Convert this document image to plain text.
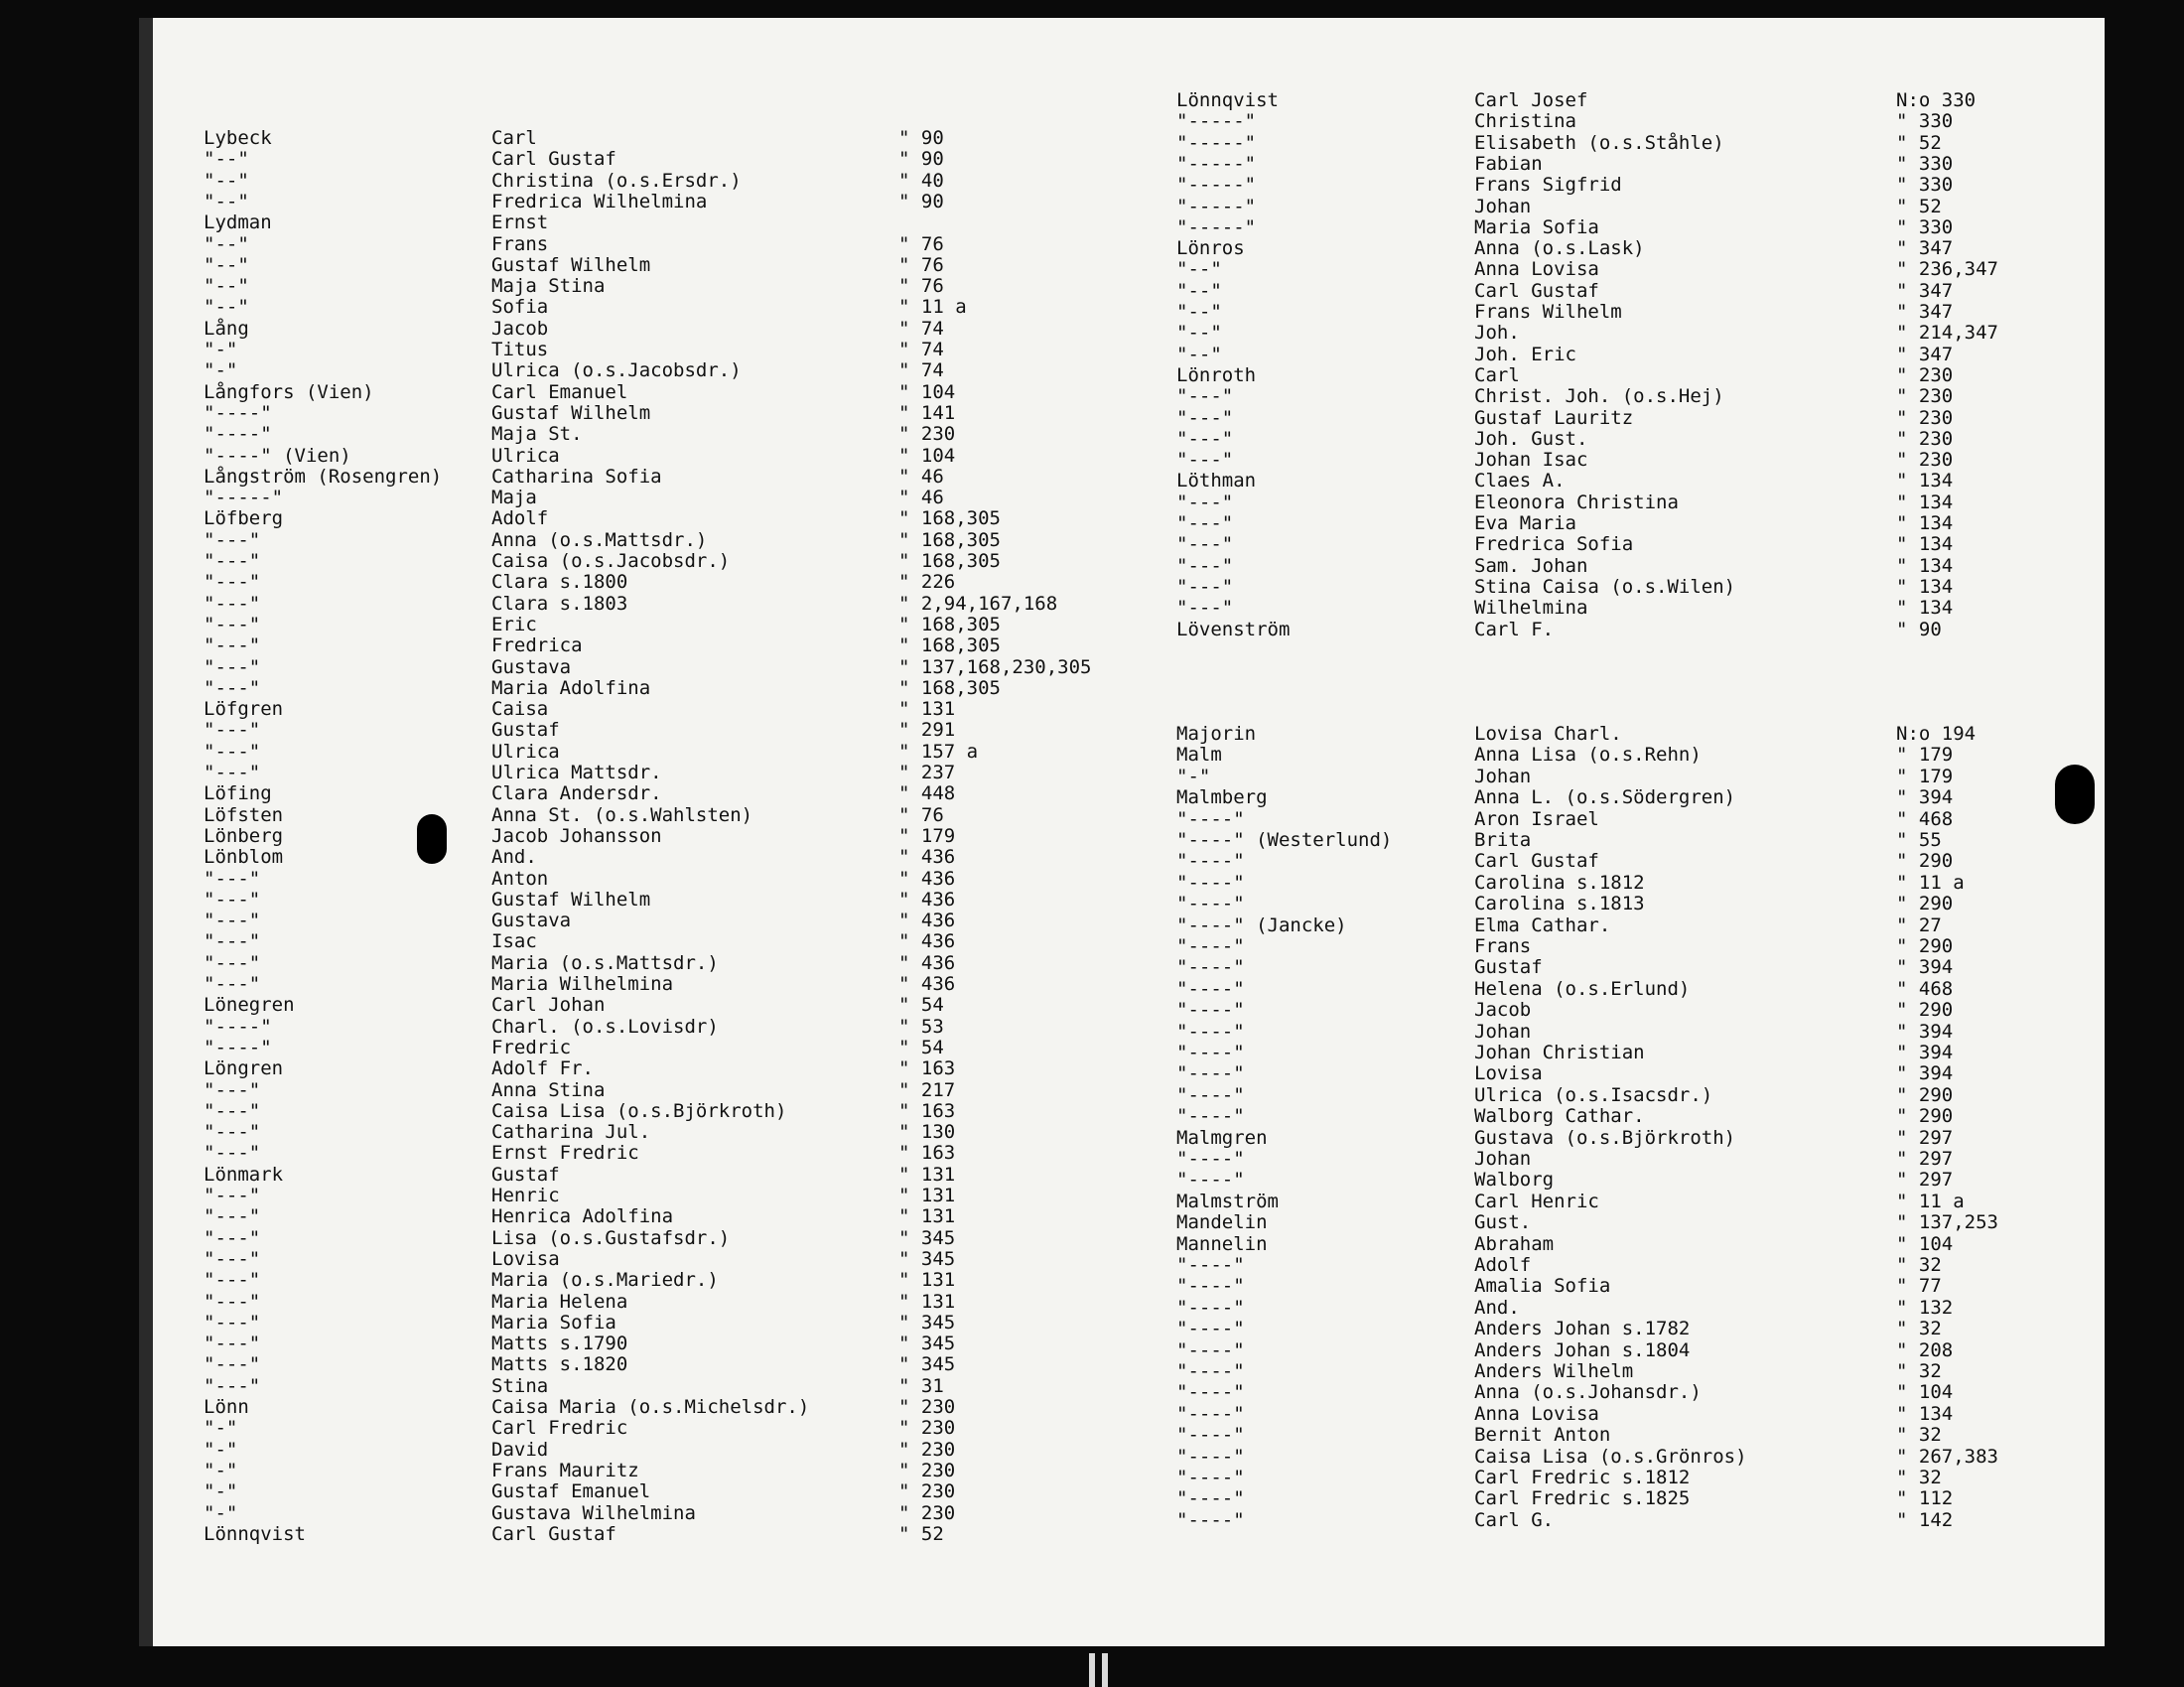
Lybeck	Carl	" 90
"--"	Carl Gustaf	" 90
"--"	Christina (o.s.Ersdr.)	" 40
"--"	Fredrica Wilhelmina	" 90
Lydman	Ernst
"--"	Frans	" 76
"--"	Gustaf Wilhelm	" 76
"--"	Maja Stina	" 76
"--"	Sofia	" 11 a
Lång	Jacob	" 74
"-"	Titus	" 74
"-"	Ulrica (o.s.Jacobsdr.)	" 74
Långfors (Vien)	Carl Emanuel	" 104
"----"	Gustaf Wilhelm	" 141
"----"	Maja St.	" 230
"----" (Vien)	Ulrica	" 104
Långström (Rosengren)	Catharina Sofia	" 46
"-----"	Maja	" 46
Löfberg	Adolf	" 168,305
"---"	Anna (o.s.Mattsdr.)	" 168,305
"---"	Caisa (o.s.Jacobsdr.)	" 168,305
"---"	Clara s.1800	" 226
"---"	Clara s.1803	" 2,94,167,168
"---"	Eric	" 168,305
"---"	Fredrica	" 168,305
"---"	Gustava	" 137,168,230,305
"---"	Maria Adolfina	" 168,305
Löfgren	Caisa	" 131
"---"	Gustaf	" 291
"---"	Ulrica	" 157 a
"---"	Ulrica Mattsdr.	" 237
Löfing	Clara Andersdr.	" 448
Löfsten	Anna St. (o.s.Wahlsten)	" 76
Lönberg	Jacob Johansson	" 179
Lönblom	And.	" 436
"---"	Anton	" 436
"---"	Gustaf Wilhelm	" 436
"---"	Gustava	" 436
"---"	Isac	" 436
"---"	Maria (o.s.Mattsdr.)	" 436
"---"	Maria Wilhelmina	" 436
Lönegren	Carl Johan	" 54
"----"	Charl. (o.s.Lovisdr)	" 53
"----"	Fredric	" 54
Löngren	Adolf Fr.	" 163
"---"	Anna Stina	" 217
"---"	Caisa Lisa (o.s.Björkroth)	" 163
"---"	Catharina Jul.	" 130
"---"	Ernst Fredric	" 163
Lönmark	Gustaf	" 131
"---"	Henric	" 131
"---"	Henrica Adolfina	" 131
"---"	Lisa (o.s.Gustafsdr.)	" 345
"---"	Lovisa	" 345
"---"	Maria (o.s.Mariedr.)	" 131
"---"	Maria Helena	" 131
"---"	Maria Sofia	" 345
"---"	Matts s.1790	" 345
"---"	Matts s.1820	" 345
"---"	Stina	" 31
Lönn	Caisa Maria (o.s.Michelsdr.)	" 230
"-"	Carl Fredric	" 230
"-"	David	" 230
"-"	Frans Mauritz	" 230
"-"	Gustaf Emanuel	" 230
"-"	Gustava Wilhelmina	" 230
Lönnqvist	Carl Gustaf	" 52
Lönnqvist	Carl Josef	N:o 330
"-----"	Christina	" 330
"-----"	Elisabeth (o.s.Ståhle)	" 52
"-----"	Fabian	" 330
"-----"	Frans Sigfrid	" 330
"-----"	Johan	" 52
"-----"	Maria Sofia	" 330
Lönros	Anna (o.s.Lask)	" 347
"--"	Anna Lovisa	" 236,347
"--"	Carl Gustaf	" 347
"--"	Frans Wilhelm	" 347
"--"	Joh.	" 214,347
"--"	Joh. Eric	" 347
Lönroth	Carl	" 230
"---"	Christ. Joh. (o.s.Hej)	" 230
"---"	Gustaf Lauritz	" 230
"---"	Joh. Gust.	" 230
"---"	Johan Isac	" 230
Löthman	Claes A.	" 134
"---"	Eleonora Christina	" 134
"---"	Eva Maria	" 134
"---"	Fredrica Sofia	" 134
"---"	Sam. Johan	" 134
"---"	Stina Caisa (o.s.Wilen)	" 134
"---"	Wilhelmina	" 134
Lövenström	Carl F.	" 90
Majorin	Lovisa Charl.	N:o 194
Malm	Anna Lisa (o.s.Rehn)	" 179
"-"	Johan	" 179
Malmberg	Anna L. (o.s.Södergren)	" 394
"----"	Aron Israel	" 468
"----" (Westerlund)	Brita	" 55
"----"	Carl Gustaf	" 290
"----"	Carolina s.1812	" 11 a
"----"	Carolina s.1813	" 290
"----" (Jancke)	Elma Cathar.	" 27
"----"	Frans	" 290
"----"	Gustaf	" 394
"----"	Helena (o.s.Erlund)	" 468
"----"	Jacob	" 290
"----"	Johan	" 394
"----"	Johan Christian	" 394
"----"	Lovisa	" 394
"----"	Ulrica (o.s.Isacsdr.)	" 290
"----"	Walborg Cathar.	" 290
Malmgren	Gustava (o.s.Björkroth)	" 297
"----"	Johan	" 297
"----"	Walborg	" 297
Malmström	Carl Henric	" 11 a
Mandelin	Gust.	" 137,253
Mannelin	Abraham	" 104
"----"	Adolf	" 32
"----"	Amalia Sofia	" 77
"----"	And.	" 132
"----"	Anders Johan s.1782	" 32
"----"	Anders Johan s.1804	" 208
"----"	Anders Wilhelm	" 32
"----"	Anna (o.s.Johansdr.)	" 104
"----"	Anna Lovisa	" 134
"----"	Bernit Anton	" 32
"----"	Caisa Lisa (o.s.Grönros)	" 267,383
"----"	Carl Fredric s.1812	" 32
"----"	Carl Fredric s.1825	" 112
"----"	Carl G.	" 142
